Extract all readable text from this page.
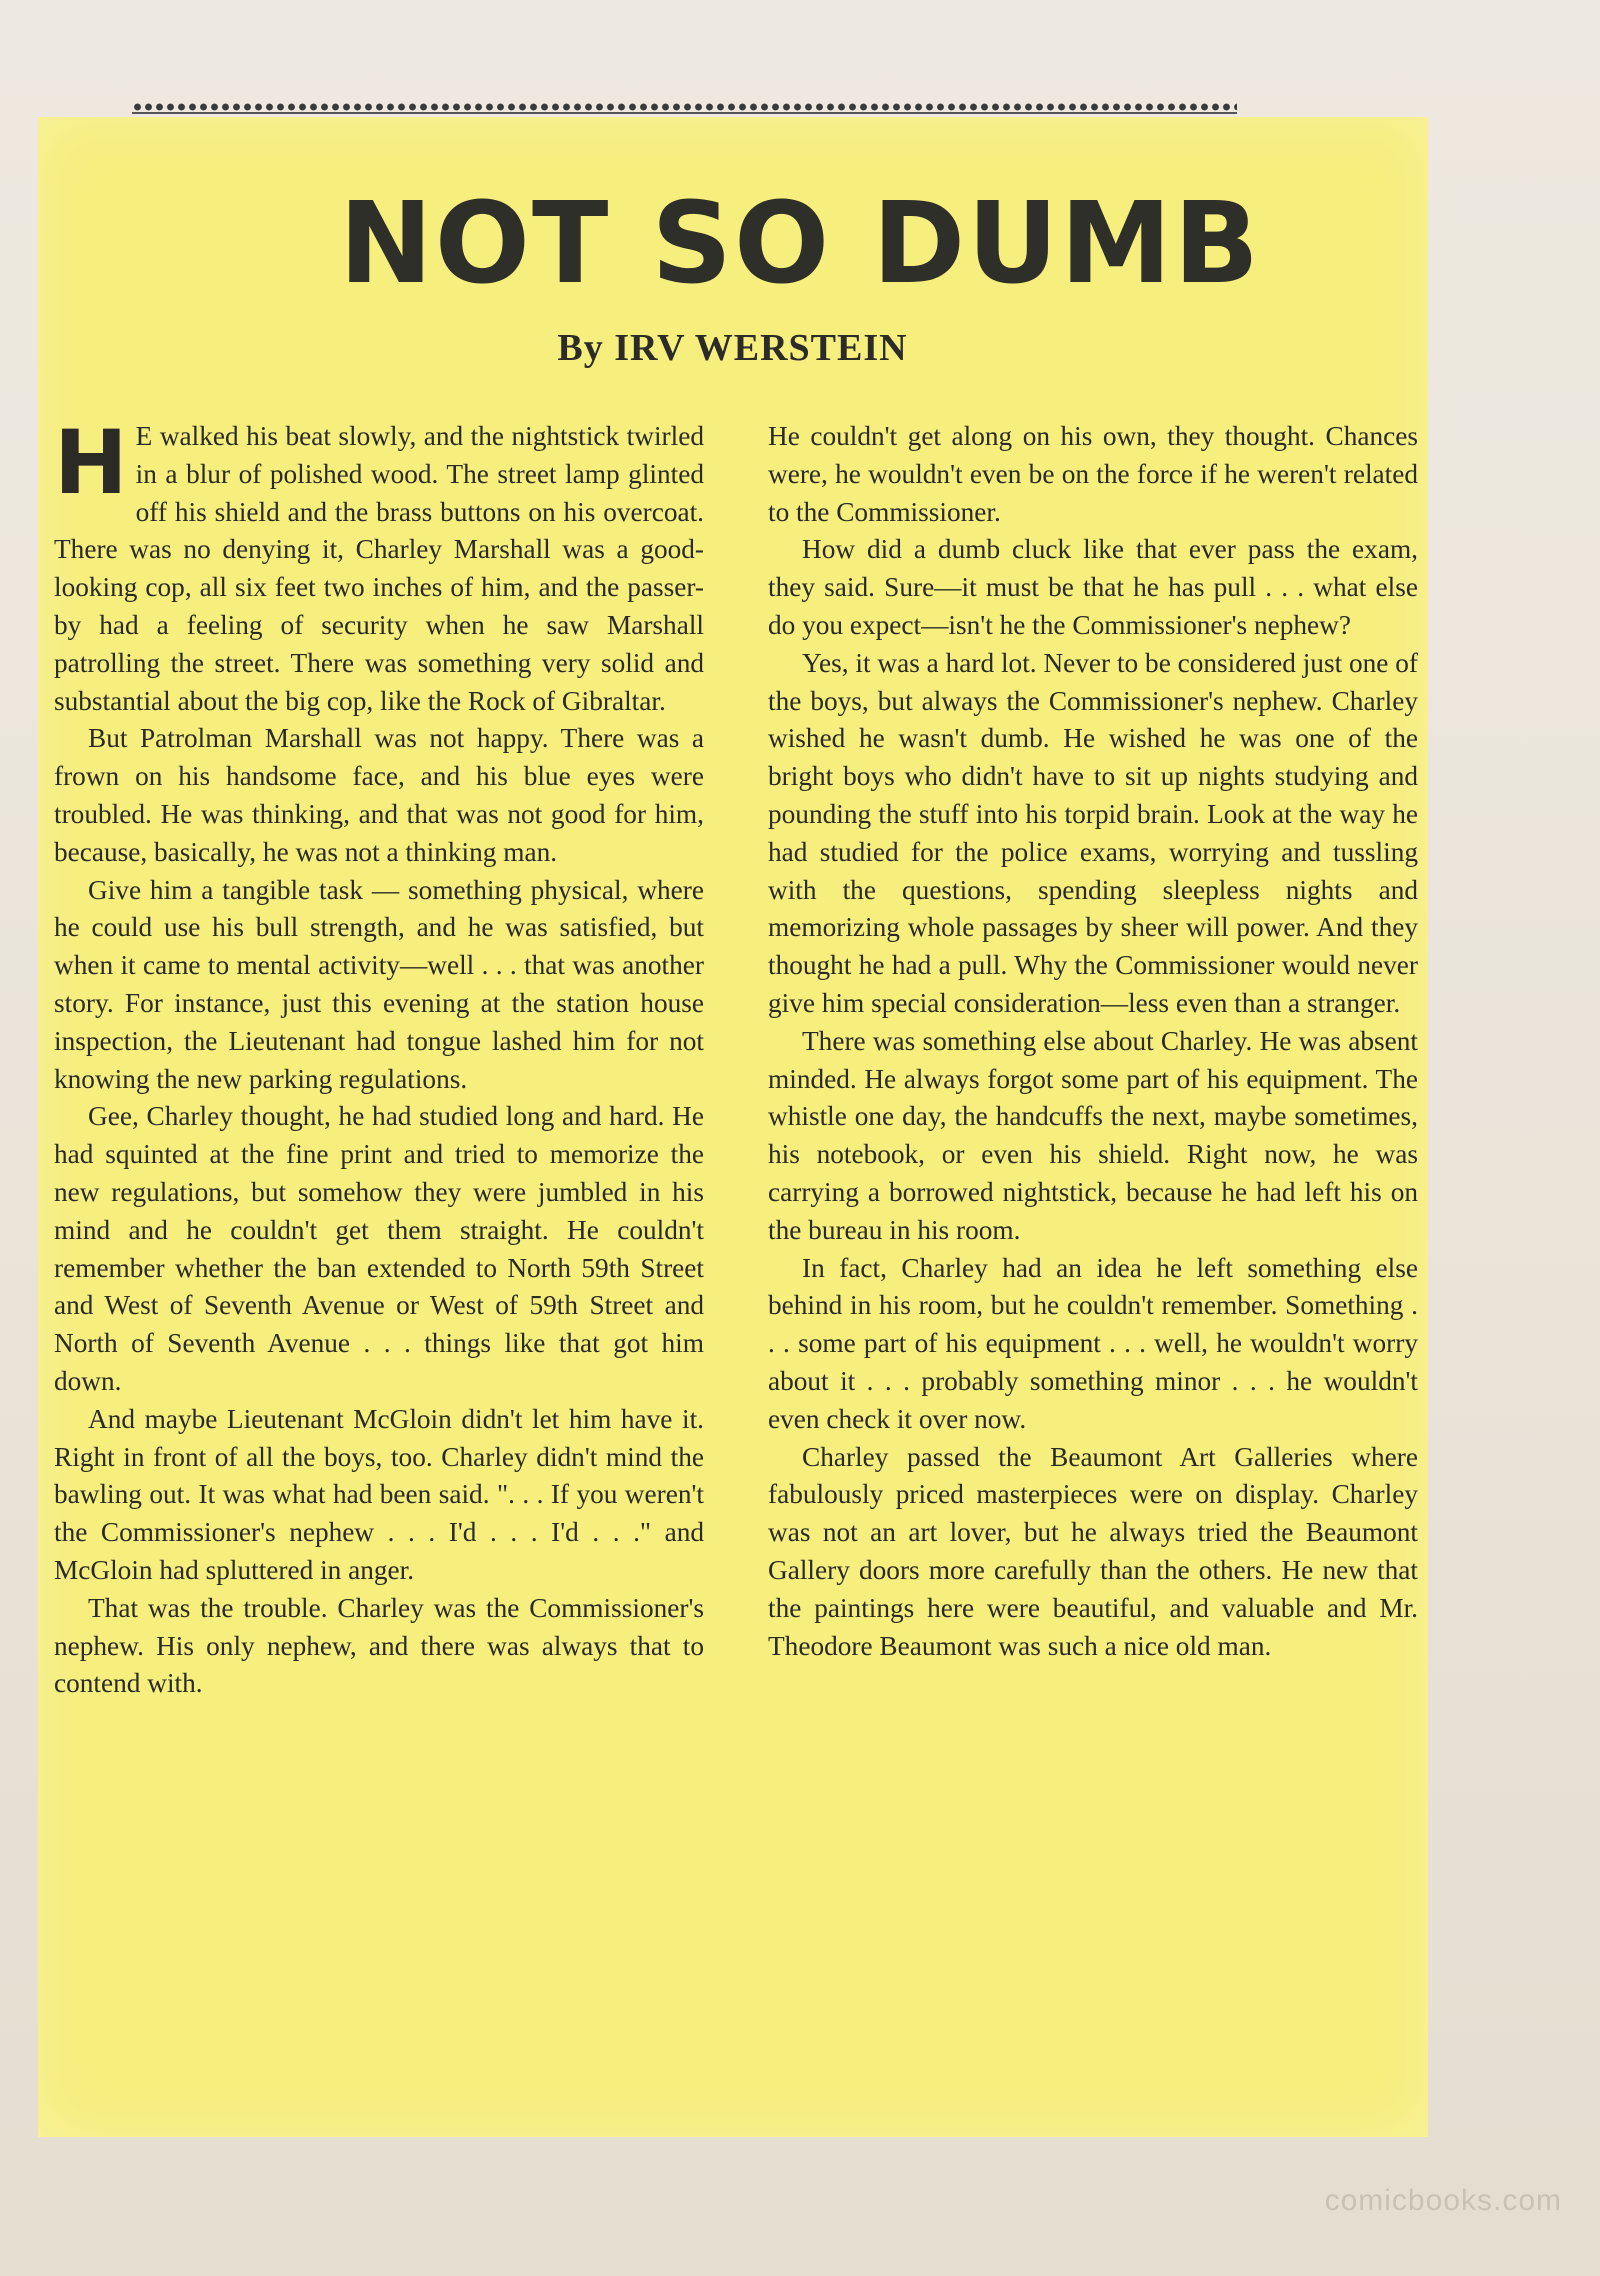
NOT SO DUMB
By IRV WERSTEIN

H E walked his beat slowly, and the nightstick twirled in a blur of polished wood. The street lamp glinted off his shield and the brass buttons on his overcoat. There was no denying it, Charley Marshall was a good-looking cop, all six feet two inches of him, and the passer-by had a feeling of security when he saw Marshall patrolling the street. There was something very solid and substantial about the big cop, like the Rock of Gibraltar.

But Patrolman Marshall was not happy. There was a frown on his handsome face, and his blue eyes were troubled. He was thinking, and that was not good for him, because, basically, he was not a thinking man.

Give him a tangible task — something physical, where he could use his bull strength, and he was satisfied, but when it came to mental activity—well . . . that was another story. For instance, just this evening at the station house inspection, the Lieutenant had tongue lashed him for not knowing the new parking regulations.

Gee, Charley thought, he had studied long and hard. He had squinted at the fine print and tried to memorize the new regulations, but somehow they were jumbled in his mind and he couldn't get them straight. He couldn't remember whether the ban extended to North 59th Street and West of Seventh Avenue or West of 59th Street and North of Seventh Avenue . . . things like that got him down.

And maybe Lieutenant McGloin didn't let him have it. Right in front of all the boys, too. Charley didn't mind the bawling out. It was what had been said. ". . . If you weren't the Commissioner's nephew . . . I'd . . . I'd . . ." and McGloin had spluttered in anger.

That was the trouble. Charley was the Commissioner's nephew. His only nephew, and there was always that to contend with.

He couldn't get along on his own, they thought. Chances were, he wouldn't even be on the force if he weren't related to the Commissioner.

How did a dumb cluck like that ever pass the exam, they said. Sure—it must be that he has pull . . . what else do you expect—isn't he the Commissioner's nephew?

Yes, it was a hard lot. Never to be considered just one of the boys, but always the Commissioner's nephew. Charley wished he wasn't dumb. He wished he was one of the bright boys who didn't have to sit up nights studying and pounding the stuff into his torpid brain. Look at the way he had studied for the police exams, worrying and tussling with the questions, spending sleepless nights and memorizing whole passages by sheer will power. And they thought he had a pull. Why the Commissioner would never give him special consideration—less even than a stranger.

There was something else about Charley. He was absent minded. He always forgot some part of his equipment. The whistle one day, the handcuffs the next, maybe sometimes, his notebook, or even his shield. Right now, he was carrying a borrowed nightstick, because he had left his on the bureau in his room.

In fact, Charley had an idea he left something else behind in his room, but he couldn't remember. Something . . . some part of his equipment . . . well, he wouldn't worry about it . . . probably something minor . . . he wouldn't even check it over now.

Charley passed the Beaumont Art Galleries where fabulously priced masterpieces were on display. Charley was not an art lover, but he always tried the Beaumont Gallery doors more carefully than the others. He new that the paintings here were beautiful, and valuable and Mr. Theodore Beaumont was such a nice old man.

comicbooks.com
